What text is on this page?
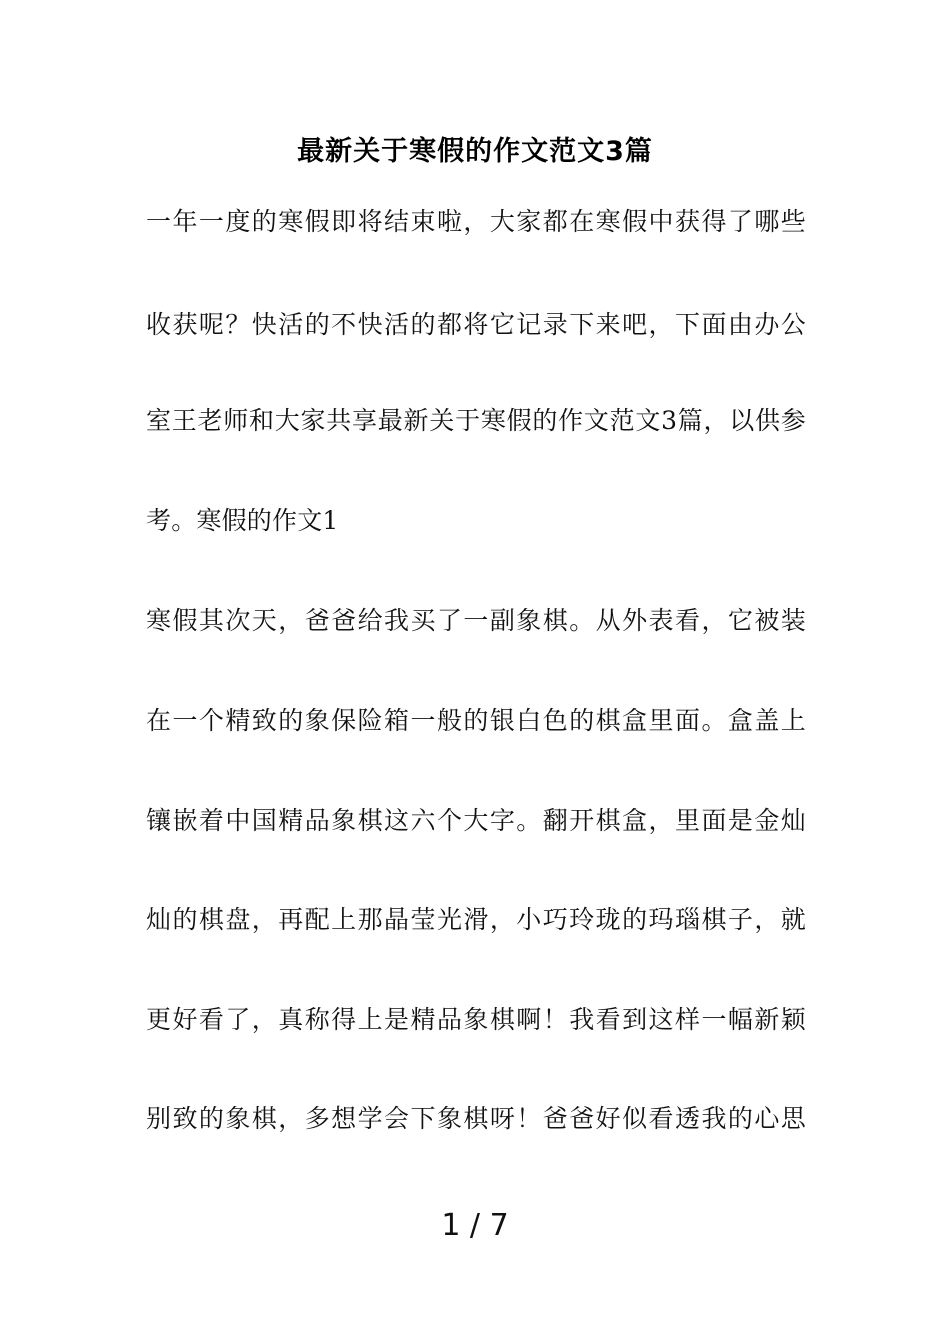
最新关于寒假的作文范文3篇
一年一度的寒假即将结束啦，大家都在寒假中获得了哪些
收获呢？快活的不快活的都将它记录下来吧，下面由办公
室王老师和大家共享最新关于寒假的作文范文3篇，以供参
考。寒假的作文1
寒假其次天，爸爸给我买了一副象棋。从外表看，它被装
在一个精致的象保险箱一般的银白色的棋盒里面。盒盖上
镶嵌着中国精品象棋这六个大字。翻开棋盒，里面是金灿
灿的棋盘，再配上那晶莹光滑，小巧玲珑的玛瑙棋子，就
更好看了，真称得上是精品象棋啊！我看到这样一幅新颖
别致的象棋，多想学会下象棋呀！爸爸好似看透我的心思
1 / 7
